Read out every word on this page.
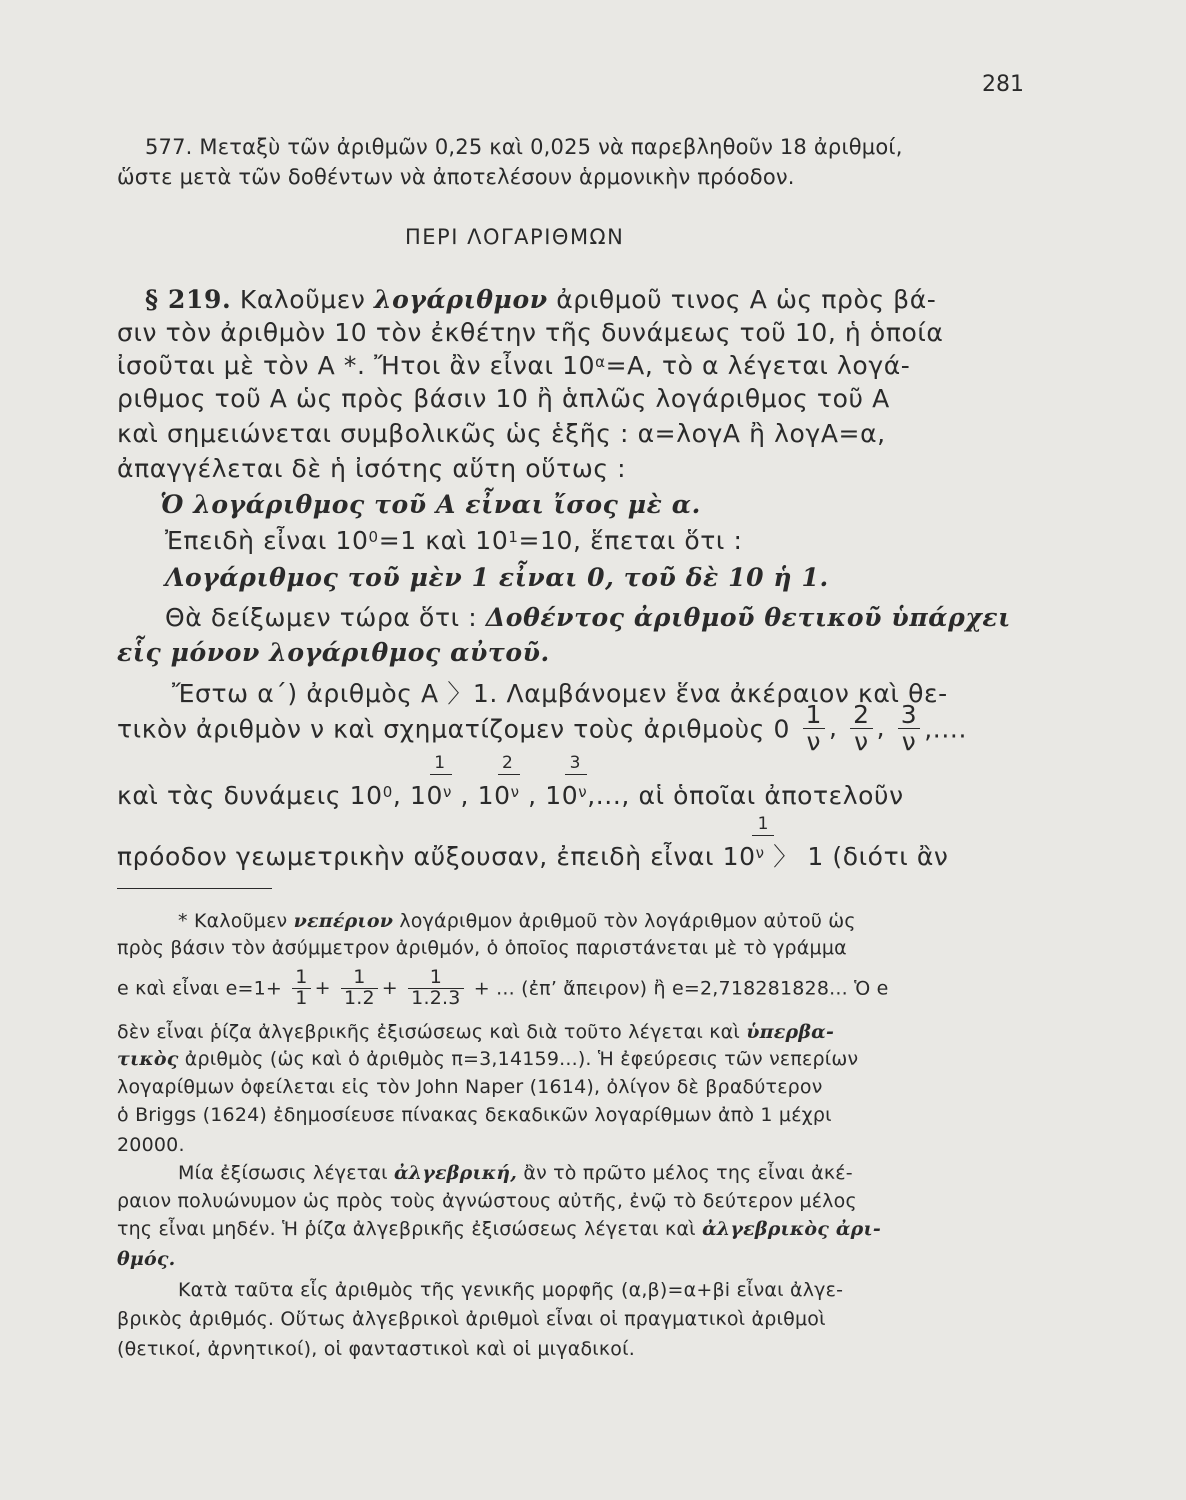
281
577. Μεταξὺ τῶν ἀριθμῶν 0,25 καὶ 0,025 νὰ παρεβληθοῦν 18 ἀριθμοί,
ὥστε μετὰ τῶν δοθέντων νὰ ἀποτελέσουν ἁρμονικὴν πρόοδον.
ΠΕΡΙ ΛΟΓΑΡΙΘΜΩΝ
§ 219. Καλοῦμεν λογάριθμον ἀριθμοῦ τινος Α ὡς πρὸς βά-
σιν τὸν ἀριθμὸν 10 τὸν ἐκθέτην τῆς δυνάμεως τοῦ 10, ἡ ὁποία
ἰσοῦται μὲ τὸν Α *. Ἤτοι ἂν εἶναι $10^\alpha=A$, τὸ α λέγεται λογά-
ριθμος τοῦ Α ὡς πρὸς βάσιν 10 ἢ ἁπλῶς λογάριθμος τοῦ Α
καὶ σημειώνεται συμβολικῶς ὡς ἑξῆς : α=λογΑ ἢ λογΑ=α,
ἀπαγγέλεται δὲ ἡ ἰσότης αὕτη οὕτως :
Ὁ λογάριθμος τοῦ Α εἶναι ἴσος μὲ α.
Ἐπειδὴ εἶναι $10^0=1$ καὶ $10^1=10$, ἕπεται ὅτι :
Λογάριθμος τοῦ μὲν 1 εἶναι 0, τοῦ δὲ 10 ἡ 1.
Θὰ δείξωμεν τώρα ὅτι : Δοθέντος ἀριθμοῦ θετικοῦ ὑπάρχει
εἷς μόνον λογάριθμος αὐτοῦ.
Ἔστω α΄) ἀριθμὸς Α 〉1. Λαμβάνομεν ἕνα ἀκέραιον καὶ θε-
τικὸν ἀριθμὸν ν καὶ σχηματίζομεν τοὺς ἀριθμοὺς $0 \frac{1}{\nu}$ , $\frac{2}{\nu}$ , $\frac{3}{\nu}$ ,....
καὶ τὰς δυνάμεις $10^0$, $10^\nu$
1
, $10^\nu$
2
, $10^\nu$
3
,..., αἱ ὁποῖαι ἀποτελοῦν
πρόοδον γεωμετρικὴν αὔξουσαν, ἐπειδὴ εἶναι $10^\nu$
1
〉 1 (διότι ἂν
* Καλοῦμεν νεπέριον λογάριθμον ἀριθμοῦ τὸν λογάριθμον αὐτοῦ ὡς
πρὸς βάσιν τὸν ἀσύμμετρον ἀριθμόν, ὁ ὁποῖος παριστάνεται μὲ τὸ γράμμα
e καὶ εἶναι $e=1+ \frac{1}{1} + \frac{1}{1.2} + \frac{1}{1.2.3}$ + ... (ἐπ’ ἄπειρον) ἢ e=2,718281828... Ὁ e
δὲν εἶναι ῥίζα ἀλγεβρικῆς ἐξισώσεως καὶ διὰ τοῦτο λέγεται καὶ ὑπερβα-
τικὸς ἀριθμὸς (ὡς καὶ ὁ ἀριθμὸς π=3,14159...). Ἡ ἐφεύρεσις τῶν νεπερίων
λογαρίθμων ὀφείλεται εἰς τὸν John Naper (1614), ὀλίγον δὲ βραδύτερον
ὁ Briggs (1624) ἐδημοσίευσε πίνακας δεκαδικῶν λογαρίθμων ἀπὸ 1 μέχρι
20000.
Μία ἐξίσωσις λέγεται ἀλγεβρική, ἂν τὸ πρῶτο μέλος της εἶναι ἀκέ-
ραιον πολυώνυμον ὡς πρὸς τοὺς ἀγνώστους αὐτῆς, ἐνῷ τὸ δεύτερον μέλος
της εἶναι μηδέν. Ἡ ῥίζα ἀλγεβρικῆς ἐξισώσεως λέγεται καὶ ἀλγεβρικὸς ἀρι-
θμός.
Κατὰ ταῦτα εἷς ἀριθμὸς τῆς γενικῆς μορφῆς (α,β)=α+βi εἶναι ἀλγε-
βρικὸς ἀριθμός. Οὕτως ἀλγεβρικοὶ ἀριθμοὶ εἶναι οἱ πραγματικοὶ ἀριθμοὶ
(θετικοί, ἀρνητικοί), οἱ φανταστικοὶ καὶ οἱ μιγαδικοί.
